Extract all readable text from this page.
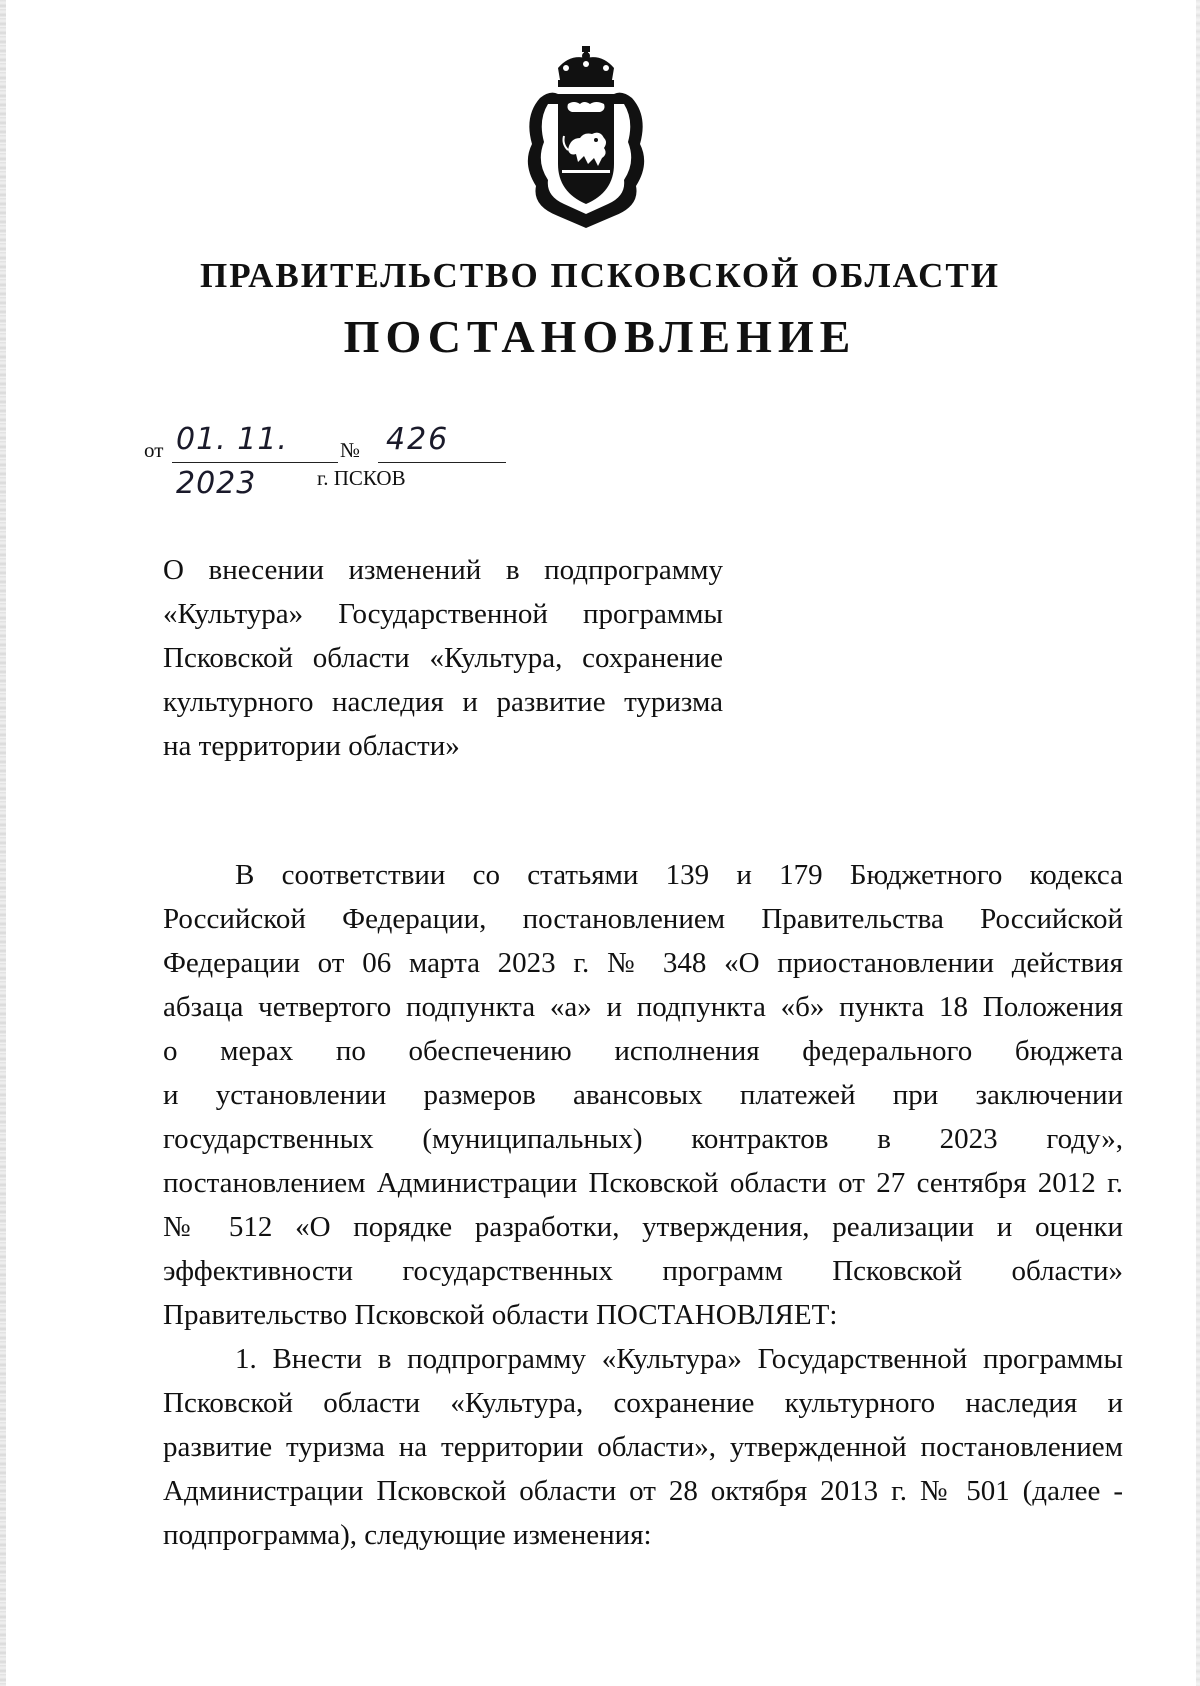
ПРАВИТЕЛЬСТВО ПСКОВСКОЙ ОБЛАСТИ
ПОСТАНОВЛЕНИЕ
от 01. 11. 2023
№ 426
г. ПСКОВ
О внесении изменений в подпрограмму
«Культура» Государственной программы
Псковской области «Культура, сохранение
культурного наследия и развитие туризма
на территории области»
В соответствии со статьями 139 и 179 Бюджетного кодекса
Российской Федерации, постановлением Правительства Российской
Федерации от 06 марта 2023 г. № 348 «О приостановлении действия
абзаца четвертого подпункта «а» и подпункта «б» пункта 18 Положения
о мерах по обеспечению исполнения федерального бюджета
и установлении размеров авансовых платежей при заключении
государственных (муниципальных) контрактов в 2023 году»,
постановлением Администрации Псковской области от 27 сентября 2012 г.
№ 512 «О порядке разработки, утверждения, реализации и оценки
эффективности государственных программ Псковской области»
Правительство Псковской области ПОСТАНОВЛЯЕТ:
1. Внести в подпрограмму «Культура» Государственной программы
Псковской области «Культура, сохранение культурного наследия и
развитие туризма на территории области», утвержденной постановлением
Администрации Псковской области от 28 октября 2013 г. № 501 (далее -
подпрограмма), следующие изменения:
